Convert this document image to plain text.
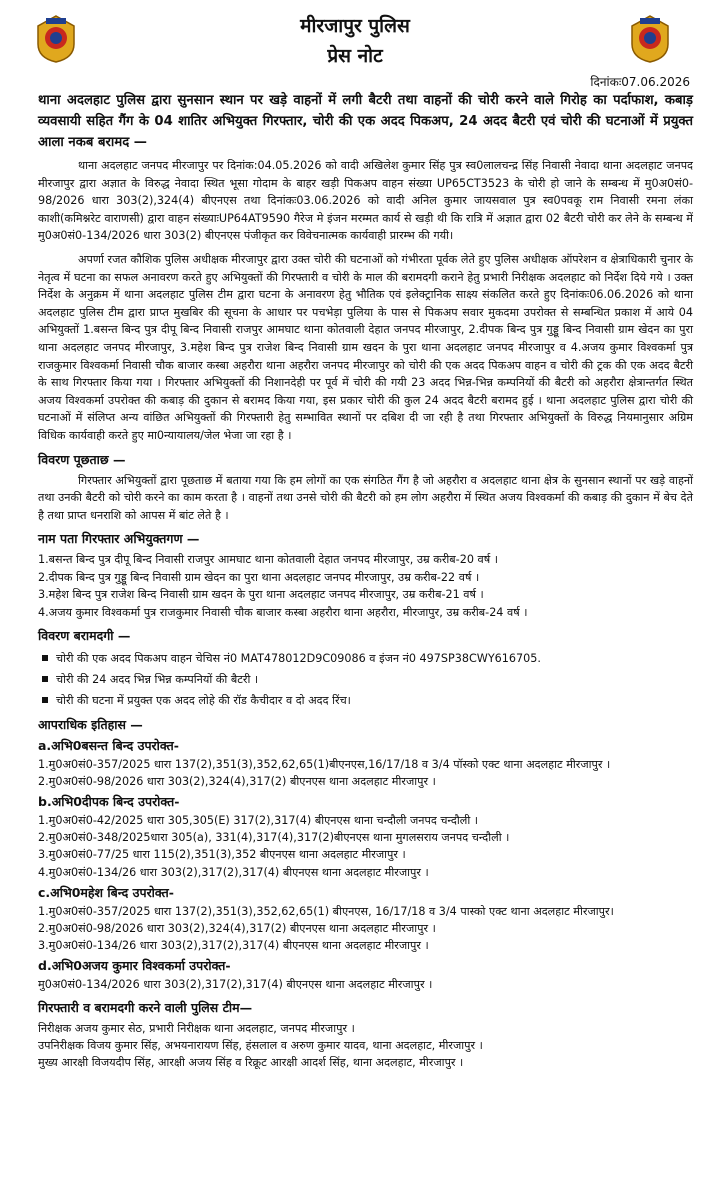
मीरजापुर पुलिस
प्रेस नोट
दिनांकः07.06.2026

थाना अदलहाट पुलिस द्वारा सुनसान स्थान पर खड़े वाहनों में लगी बैटरी तथा वाहनों की चोरी करने वाले गिरोह का पर्दाफाश, कबाड़ व्यवसायी सहित गैंग के 04 शातिर अभियुक्त गिरफ्तार, चोरी की एक अदद पिकअप, 24 अदद बैटरी एवं चोरी की घटनाओं में प्रयुक्त आला नकब बरामद —

थाना अदलहाट जनपद मीरजापुर पर दिनांक:04.05.2026 को वादी अखिलेश कुमार सिंह पुत्र स्व0लालचन्द्र सिंह निवासी नेवादा थाना अदलहाट जनपद मीरजापुर द्वारा अज्ञात के विरुद्ध नेवादा स्थित भूसा गोदाम के बाहर खड़ी पिकअप वाहन संख्या UP65CT3523 के चोरी हो जाने के सम्बन्ध में मु0अ0सं0-98/2026 धारा 303(2),324(4) बीएनएस तथा दिनांकः03.06.2026 को वादी अनिल कुमार जायसवाल पुत्र स्व0पवकू राम निवासी रमना लंका काशी(कमिश्नरेट वाराणसी) द्वारा वाहन संख्याःUP64AT9590 गैरेज मे इंजन मरम्मत कार्य से खड़ी थी कि रात्रि में अज्ञात द्वारा 02 बैटरी चोरी कर लेने के सम्बन्ध में मु0अ0सं0-134/2026 धारा 303(2) बीएनएस पंजीकृत कर विवेचनात्मक कार्यवाही प्रारम्भ की गयी।

अपर्णा रजत कौशिक पुलिस अधीक्षक मीरजापुर द्वारा उक्त चोरी की घटनाओं को गंभीरता पूर्वक लेते हुए पुलिस अधीक्षक ऑपरेशन व क्षेत्राधिकारी चुनार के नेतृत्व में घटना का सफल अनावरण करते हुए अभियुक्तों की गिरफ्तारी व चोरी के माल की बरामदगी कराने हेतु प्रभारी निरीक्षक अदलहाट को निर्देश दिये गये । उक्त निर्देश के अनुक्रम में थाना अदलहाट पुलिस टीम द्वारा घटना के अनावरण हेतु भौतिक एवं इलेक्ट्रानिक साक्ष्य संकलित करते हुए दिनांकः06.06.2026 को थाना अदलहाट पुलिस टीम द्वारा प्राप्त मुखबिर की सूचना के आधार पर पचभेड़ा पुलिया के पास से पिकअप सवार मुकदमा उपरोक्त से सम्बन्धित प्रकाश में आये 04 अभियुक्तों 1.बसन्त बिन्द पुत्र दीपू बिन्द निवासी राजपुर आमघाट थाना कोतवाली देहात जनपद मीरजापुर, 2.दीपक बिन्द पुत्र गुड्डू बिन्द निवासी ग्राम खेदन का पुरा थाना अदलहाट जनपद मीरजापुर, 3.महेश बिन्द पुत्र राजेश बिन्द निवासी ग्राम खदन के पुरा थाना अदलहाट जनपद मीरजापुर व 4.अजय कुमार विश्वकर्मा पुत्र राजकुमार विश्वकर्मा निवासी चौक बाजार कस्बा अहरौरा थाना अहरौरा जनपद मीरजापुर को चोरी की एक अदद पिकअप वाहन व चोरी की ट्रक की एक अदद बैटरी के साथ गिरफ्तार किया गया । गिरफ्तार अभियुक्तों की निशानदेही पर पूर्व में चोरी की गयी 23 अदद भिन्न-भिन्न कम्पनियों की बैटरी को अहरौरा क्षेत्रान्तर्गत स्थित अजय विश्वकर्मा उपरोक्त की कबाड़ की दुकान से बरामद किया गया, इस प्रकार चोरी की कुल 24 अदद बैटरी बरामद हुई । थाना अदलहाट पुलिस द्वारा चोरी की घटनाओं में संलिप्त अन्य वांछित अभियुक्तों की गिरफ्तारी हेतु सम्भावित स्थानों पर दबिश दी जा रही है तथा गिरफ्तार अभियुक्तों के विरुद्ध नियमानुसार अग्रिम विधिक कार्यवाही करते हुए मा0न्यायालय/जेल भेजा जा रहा है ।

विवरण पूछताछ —

गिरफ्तार अभियुक्तों द्वारा पूछताछ में बताया गया कि हम लोगों का एक संगठित गैंग है जो अहरौरा व अदलहाट थाना क्षेत्र के सुनसान स्थानों पर खड़े वाहनों तथा उनकी बैटरी को चोरी करने का काम करता है । वाहनों तथा उनसे चोरी की बैटरी को हम लोग अहरौरा में स्थित अजय विश्वकर्मा की कबाड़ की दुकान में बेच देते है तथा प्राप्त धनराशि को आपस में बांट लेते है ।

नाम पता गिरफ्तार अभियुक्तगण —

1.बसन्त बिन्द पुत्र दीपू बिन्द निवासी राजपुर आमघाट थाना कोतवाली देहात जनपद मीरजापुर, उम्र करीब-20 वर्ष ।

2.दीपक बिन्द पुत्र गुड्डू बिन्द निवासी ग्राम खेदन का पुरा थाना अदलहाट जनपद मीरजापुर, उम्र करीब-22 वर्ष ।

3.महेश बिन्द पुत्र राजेश बिन्द निवासी ग्राम खदन के पुरा थाना अदलहाट जनपद मीरजापुर, उम्र करीब-21 वर्ष ।

4.अजय कुमार विश्वकर्मा पुत्र राजकुमार निवासी चौक बाजार कस्बा अहरौरा थाना अहरौरा, मीरजापुर, उम्र करीब-24 वर्ष ।

विवरण बरामदगी —
चोरी की एक अदद पिकअप वाहन चेचिस नं0 MAT478012D9C09086 व इंजन नं0 497SP38CWY616705.
चोरी की 24 अदद भिन्न भिन्न कम्पनियों की बैटरी ।
चोरी की घटना में प्रयुक्त एक अदद लोहे की रॉड कैचीदार व दो अदद रिंच।
आपराधिक इतिहास —
a.अभि0बसन्त बिन्द उपरोक्त-

1.मु0अ0सं0-357/2025 धारा 137(2),351(3),352,62,65(1)बीएनएस,16/17/18 व 3/4 पॉस्को एक्ट थाना अदलहाट मीरजापुर ।

2.मु0अ0सं0-98/2026 धारा 303(2),324(4),317(2) बीएनएस थाना अदलहाट मीरजापुर ।

b.अभि0दीपक बिन्द उपरोक्त-

1.मु0अ0सं0-42/2025 धारा 305,305(E) 317(2),317(4) बीएनएस थाना चन्दौली जनपद चन्दौली ।

2.मु0अ0सं0-348/2025धारा 305(a), 331(4),317(4),317(2)बीएनएस थाना मुगलसराय जनपद चन्दौली ।

3.मु0अ0सं0-77/25 धारा 115(2),351(3),352 बीएनएस थाना अदलहाट मीरजापुर ।

4.मु0अ0सं0-134/26 धारा 303(2),317(2),317(4) बीएनएस थाना अदलहाट मीरजापुर ।

c.अभि0महेश बिन्द उपरोक्त-

1.मु0अ0सं0-357/2025 धारा 137(2),351(3),352,62,65(1) बीएनएस, 16/17/18 व 3/4 पास्को एक्ट थाना अदलहाट मीरजापुर।

2.मु0अ0सं0-98/2026 धारा 303(2),324(4),317(2) बीएनएस थाना अदलहाट मीरजापुर ।

3.मु0अ0सं0-134/26 धारा 303(2),317(2),317(4) बीएनएस थाना अदलहाट मीरजापुर ।

d.अभि0अजय कुमार विश्वकर्मा उपरोक्त-

मु0अ0सं0-134/2026 धारा 303(2),317(2),317(4) बीएनएस थाना अदलहाट मीरजापुर ।

गिरफ्तारी व बरामदगी करने वाली पुलिस टीम—

निरीक्षक अजय कुमार सेठ, प्रभारी निरीक्षक थाना अदलहाट, जनपद मीरजापुर ।

उपनिरीक्षक विजय कुमार सिंह, अभयनारायण सिंह, हंसलाल व अरुण कुमार यादव, थाना अदलहाट, मीरजापुर ।

मुख्य आरक्षी विजयदीप सिंह, आरक्षी अजय सिंह व रिक्रूट आरक्षी आदर्श सिंह, थाना अदलहाट, मीरजापुर ।
